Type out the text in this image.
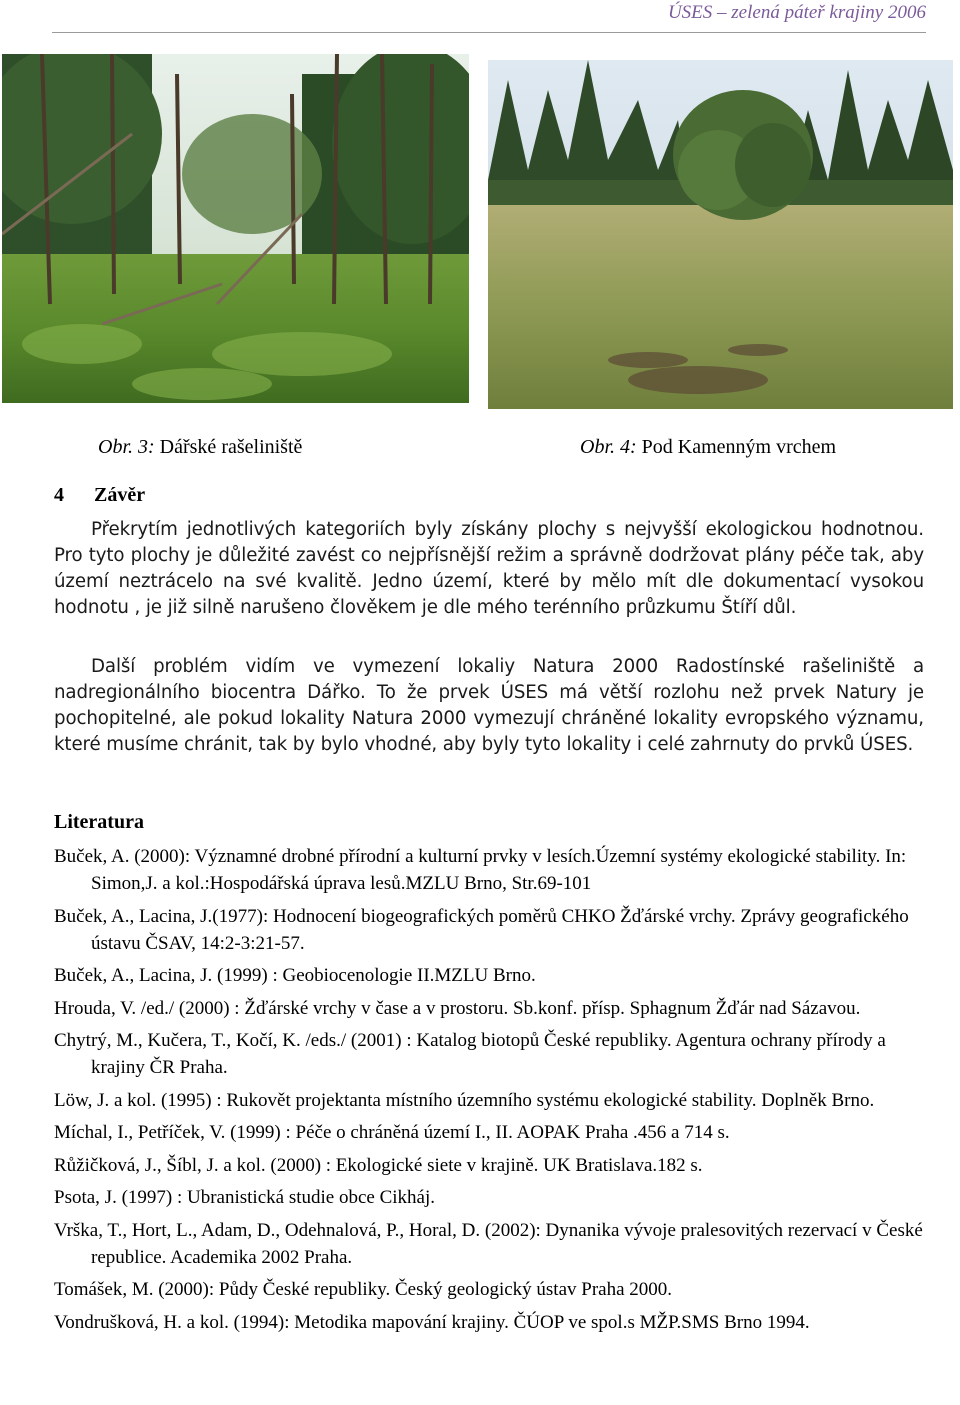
ÚSES – zelená páteř krajiny 2006
Obr. 3: Dářské rašeliniště	Obr. 4: Pod Kamenným vrchem
4 Závěr

Překrytím jednotlivých kategoriích byly získány plochy s nejvyšší ekologickou hodnotnou. Pro tyto plochy je důležité zavést co nejpřísnější režim a správně dodržovat plány péče tak, aby území neztrácelo na své kvalitě. Jedno území, které by mělo mít dle dokumentací vysokou hodnotu , je již silně narušeno člověkem je dle mého terénního průzkumu Štíří důl.

Další problém vidím ve vymezení lokaliy Natura 2000 Radostínské rašeliniště a nadregionálního biocentra Dářko. To že prvek ÚSES má větší rozlohu než prvek Natury je pochopitelné, ale pokud lokality Natura 2000 vymezují chráněné lokality evropského významu, které musíme chránit, tak by bylo vhodné, aby byly tyto lokality i celé zahrnuty do prvků ÚSES.

Literatura
Buček, A. (2000): Významné drobné přírodní a kulturní prvky v lesích.Územní systémy ekologické stability. In: Simon,J. a kol.:Hospodářská úprava lesů.MZLU Brno, Str.69-101
Buček, A., Lacina, J.(1977): Hodnocení biogeografických poměrů CHKO Žďárské vrchy. Zprávy geografického ústavu ČSAV, 14:2-3:21-57.
Buček, A., Lacina, J. (1999) : Geobiocenologie II.MZLU Brno.
Hrouda, V. /ed./ (2000) : Žďárské vrchy v čase a v prostoru. Sb.konf. přísp. Sphagnum Žďár nad Sázavou.
Chytrý, M., Kučera, T., Kočí, K. /eds./ (2001) : Katalog biotopů České republiky. Agentura ochrany přírody a krajiny ČR Praha.
Löw, J. a kol. (1995) : Rukovět projektanta místního územního systému ekologické stability. Doplněk Brno.
Míchal, I., Petříček, V. (1999) : Péče o chráněná území I., II. AOPAK Praha .456 a 714 s.
Růžičková, J., Šíbl, J. a kol. (2000) : Ekologické siete v krajině. UK Bratislava.182 s.
Psota, J. (1997) : Ubranistická studie obce Cikháj.
Vrška, T., Hort, L., Adam, D., Odehnalová, P., Horal, D. (2002): Dynanika vývoje pralesovitých rezervací v České republice. Academika 2002 Praha.
Tomášek, M. (2000): Půdy České republiky. Český geologický ústav Praha 2000.
Vondrušková, H. a kol. (1994): Metodika mapování krajiny. ČÚOP ve spol.s MŽP.SMS Brno 1994.
